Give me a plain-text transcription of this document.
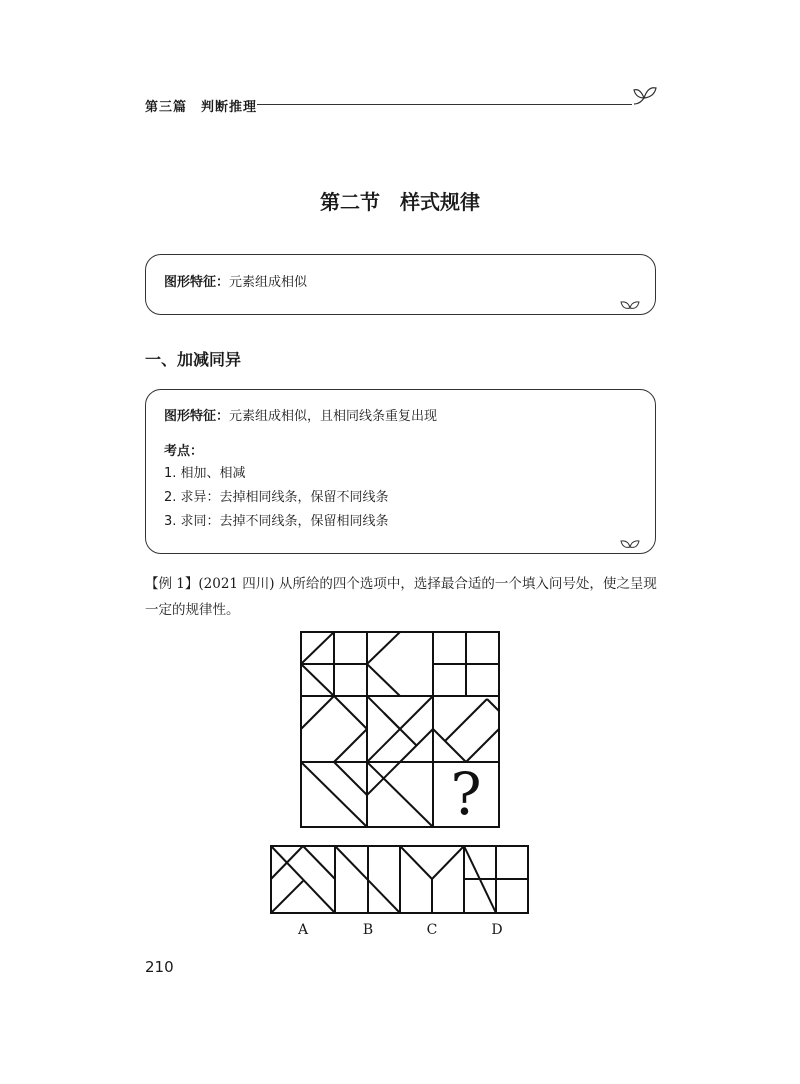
第三篇　判断推理
第二节　样式规律
图形特征：元素组成相似
一、加减同异
图形特征：元素组成相似，且相同线条重复出现
考点：
1. 相加、相减
2. 求异：去掉相同线条，保留不同线条
3. 求同：去掉不同线条，保留相同线条
【例 1】(2021 四川) 从所给的四个选项中，选择最合适的一个填入问号处，使之呈现一定的规律性。
?
A	B	C	D
210
